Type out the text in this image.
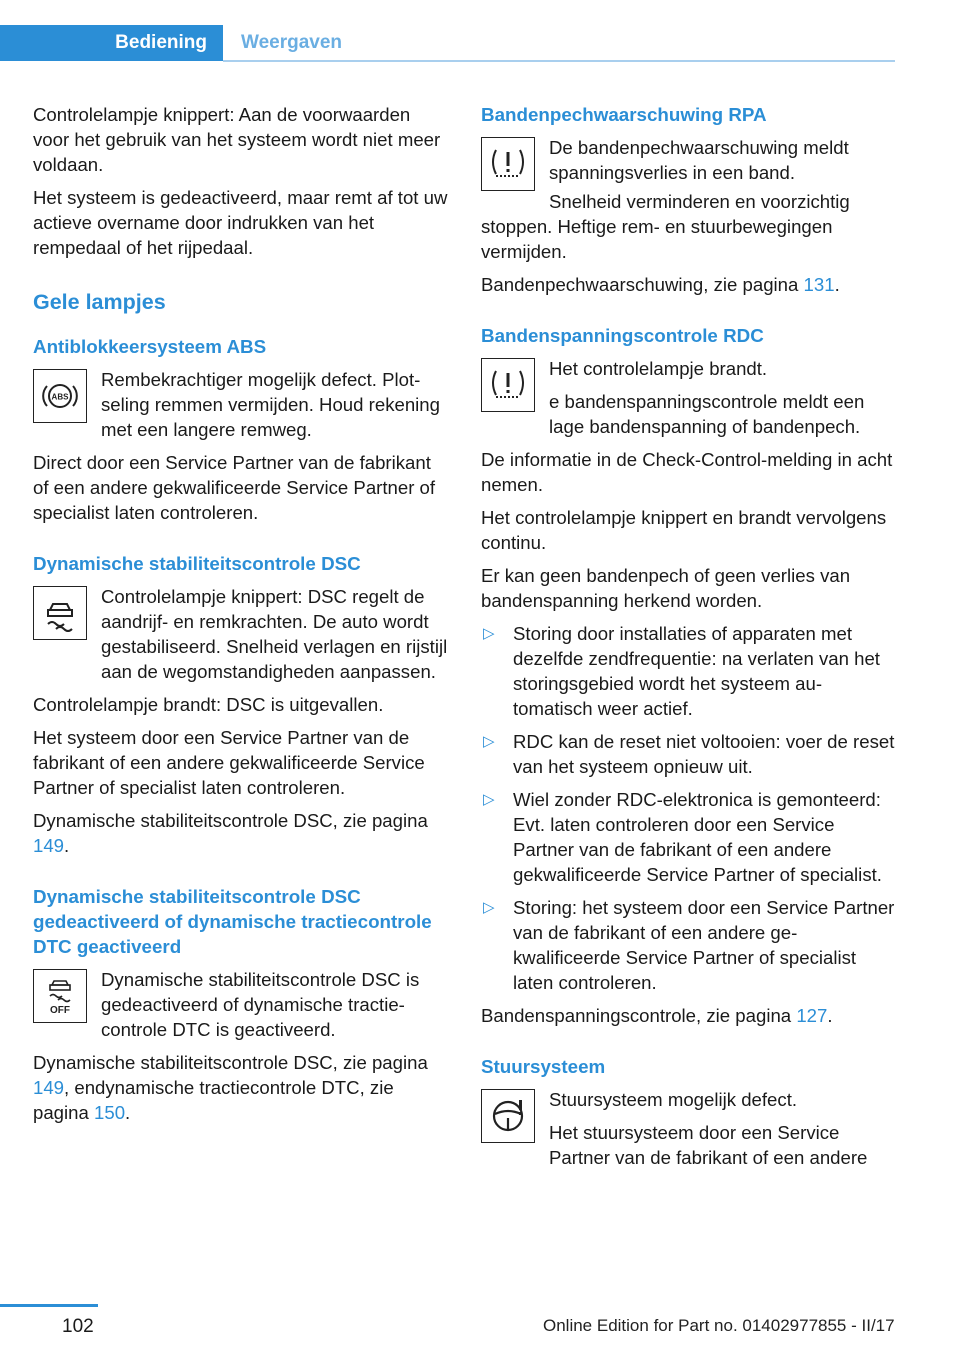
Bediening	Weergaven

Controlelampje knippert: Aan de voorwaarden voor het gebruik van het systeem wordt niet meer voldaan.

Het systeem is gedeactiveerd, maar remt af tot uw actieve overname door indrukken van het rempedaal of het rijpedaal.

Gele lampjes
Antiblokkeersysteem ABS
ABS

Rembekrachtiger mogelijk defect. Plotseling remmen vermijden. Houd rekening met een langere remweg.

Direct door een Service Partner van de fabrikant of een andere gekwalificeerde Service Partner of specialist laten controleren.

Dynamische stabiliteitscontrole DSC

Controlelampje knippert: DSC regelt de aandrijf- en remkrachten. De auto wordt gestabiliseerd. Snelheid verlagen en rijstijl aan de wegomstandigheden aanpassen.

Controlelampje brandt: DSC is uitgevallen.

Het systeem door een Service Partner van de fabrikant of een andere gekwalificeerde Service Partner of specialist laten controleren.

Dynamische stabiliteitscontrole DSC, zie pagina 149.

Dynamische stabiliteitscontrole DSC gedeactiveerd of dynamische tractiecontrole DTC geactiveerd
OFF

Dynamische stabiliteitscontrole DSC is gedeactiveerd of dynamische tractiecontrole DTC is geactiveerd.

Dynamische stabiliteitscontrole DSC, zie pagina 149, endynamische tractiecontrole DTC, zie pagina 150.

Bandenpechwaarschuwing RPA

De bandenpechwaarschuwing meldt spanningsverlies in een band.

Snelheid verminderen en voorzichtig stoppen. Heftige rem- en stuurbewegingen vermijden.

Bandenpechwaarschuwing, zie pagina 131.

Bandenspanningscontrole RDC

Het controlelampje brandt.

e bandenspanningscontrole meldt een lage bandenspanning of bandenpech.

De informatie in de Check-Control-melding in acht nemen.

Het controlelampje knippert en brandt vervolgens continu.

Er kan geen bandenpech of geen verlies van bandenspanning herkend worden.

▷ Storing door installaties of apparaten met dezelfde zendfrequentie: na verlaten van het storingsgebied wordt het systeem automatisch weer actief.
▷ RDC kan de reset niet voltooien: voer de reset van het systeem opnieuw uit.
▷ Wiel zonder RDC-elektronica is gemonteerd: Evt. laten controleren door een Service Partner van de fabrikant of een andere gekwalificeerde Service Partner of specialist.
▷ Storing: het systeem door een Service Partner van de fabrikant of een andere gekwalificeerde Service Partner of specialist laten controleren.

Bandenspanningscontrole, zie pagina 127.

Stuursysteem

Stuursysteem mogelijk defect.

Het stuursysteem door een Service Partner van de fabrikant of een andere

102	Online Edition for Part no. 01402977855 - II/17
